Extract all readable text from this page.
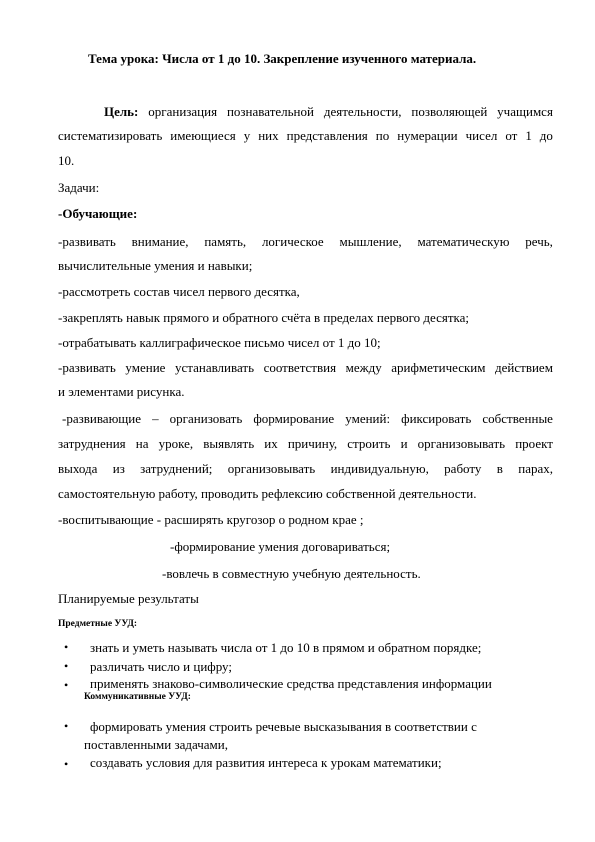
Тема урока: Числа от 1 до 10. Закрепление изученного материала.
Цель: организация познавательной деятельности, позволяющей учащимся
систематизировать имеющиеся у них представления по нумерации чисел от 1 до
10.
Задачи:
-Обучающие:
-развивать внимание, память, логическое мышление, математическую речь,
вычислительные умения и навыки;
-рассмотреть состав чисел первого десятка,
-закреплять навык прямого и обратного счёта в пределах первого десятка;
-отрабатывать каллиграфическое письмо чисел от 1 до 10;
-развивать умение устанавливать соответствия между арифметическим действием
и элементами рисунка.
-развивающие – организовать формирование умений: фиксировать собственные
затруднения на уроке, выявлять их причину, строить и организовывать проект
выхода из затруднений; организовывать индивидуальную, работу в парах,
самостоятельную работу, проводить рефлексию собственной деятельности.
-воспитывающие - расширять кругозор о родном крае ;
-формирование умения договариваться;
-вовлечь в совместную учебную деятельность.
Планируемые результаты
Предметные УУД:
• знать и уметь называть числа от 1 до 10 в прямом и обратном порядке;
• различать число и цифру;
• применять знаково-символические средства представления информации
Коммуникативные УУД:
• формировать умения строить речевые высказывания в соответствии с
поставленными задачами,
• создавать условия для развития интереса к урокам математики;
